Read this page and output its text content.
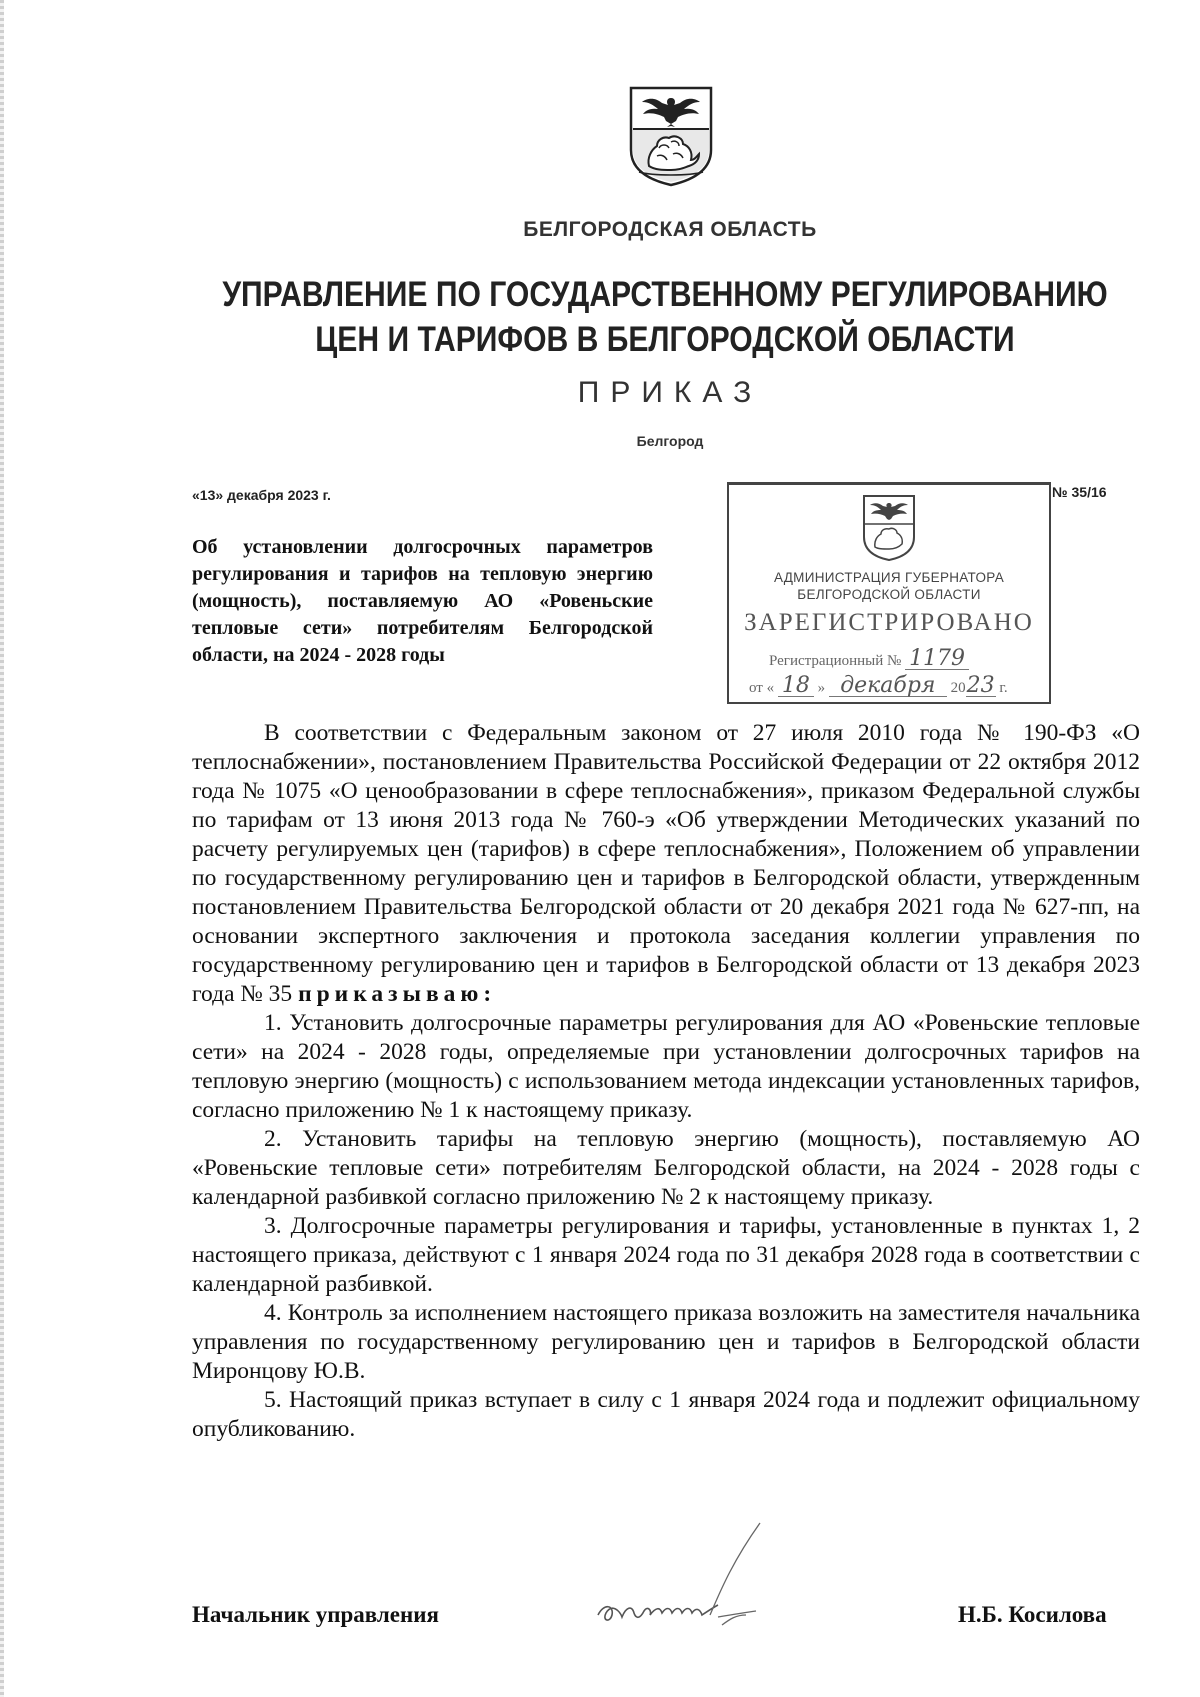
БЕЛГОРОДСКАЯ ОБЛАСТЬ
УПРАВЛЕНИЕ ПО ГОСУДАРСТВЕННОМУ РЕГУЛИРОВАНИЮ
ЦЕН И ТАРИФОВ В БЕЛГОРОДСКОЙ ОБЛАСТИ
ПРИКАЗ
Белгород
«13» декабря 2023 г.	№ 35/16
Об установлении долгосрочных параметров регулирования и тарифов на тепловую энергию (мощность), поставляемую АО «Ровеньские тепловые сети» потребителям Белгородской области, на 2024 - 2028 годы
АДМИНИСТРАЦИЯ ГУБЕРНАТОРА
БЕЛГОРОДСКОЙ ОБЛАСТИ
ЗАРЕГИСТРИРОВАНО
Регистрационный № 1179
от « 18 » декабря 2023 г.

В соответствии с Федеральным законом от 27 июля 2010 года № 190-ФЗ «О теплоснабжении», постановлением Правительства Российской Федерации от 22 октября 2012 года № 1075 «О ценообразовании в сфере теплоснабжения», приказом Федеральной службы по тарифам от 13 июня 2013 года № 760-э «Об утверждении Методических указаний по расчету регулируемых цен (тарифов) в сфере теплоснабжения», Положением об управлении по государственному регулированию цен и тарифов в Белгородской области, утвержденным постановлением Правительства Белгородской области от 20 декабря 2021 года № 627-пп, на основании экспертного заключения и протокола заседания коллегии управления по государственному регулированию цен и тарифов в Белгородской области от 13 декабря 2023 года № 35 приказываю:

1. Установить долгосрочные параметры регулирования для АО «Ровеньские тепловые сети» на 2024 - 2028 годы, определяемые при установлении долгосрочных тарифов на тепловую энергию (мощность) с использованием метода индексации установленных тарифов, согласно приложению № 1 к настоящему приказу.

2. Установить тарифы на тепловую энергию (мощность), поставляемую АО «Ровеньские тепловые сети» потребителям Белгородской области, на 2024 - 2028 годы с календарной разбивкой согласно приложению № 2 к настоящему приказу.

3. Долгосрочные параметры регулирования и тарифы, установленные в пунктах 1, 2 настоящего приказа, действуют с 1 января 2024 года по 31 декабря 2028 года в соответствии с календарной разбивкой.

4. Контроль за исполнением настоящего приказа возложить на заместителя начальника управления по государственному регулированию цен и тарифов в Белгородской области Миронцову Ю.В.

5. Настоящий приказ вступает в силу с 1 января 2024 года и подлежит официальному опубликованию.

Начальник управления	Н.Б. Косилова
